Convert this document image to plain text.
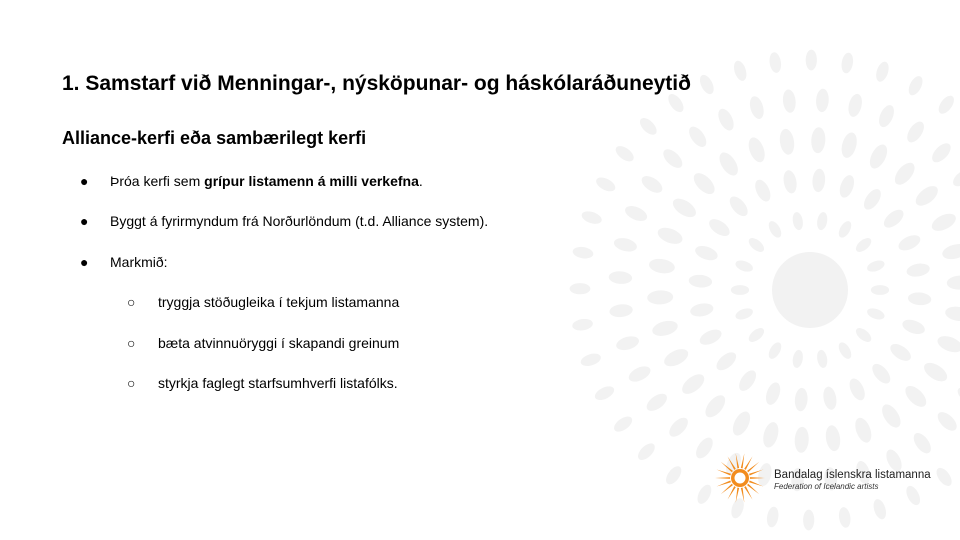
1. Samstarf við Menningar-, nýsköpunar- og háskólaráðuneytið
Alliance-kerfi eða sambærilegt kerfi
● Þróa kerfi sem grípur listamenn á milli verkefna.
● Byggt á fyrirmyndum frá Norðurlöndum (t.d. Alliance system).
● Markmið:
○ tryggja stöðugleika í tekjum listamanna
○ bæta atvinnuöryggi í skapandi greinum
○ styrkja faglegt starfsumhverfi listafólks.
Bandalag íslenskra listamanna
Federation of Icelandic artists
